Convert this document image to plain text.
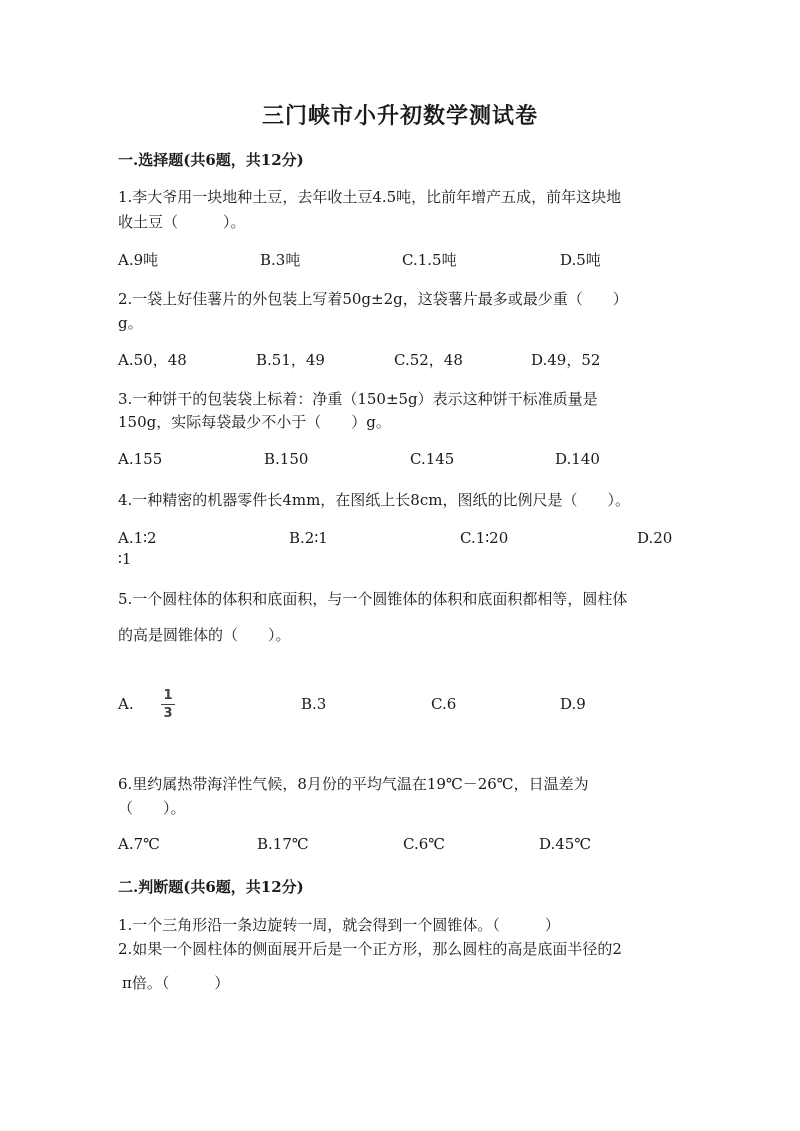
三门峡市小升初数学测试卷
一.选择题(共6题，共12分)
1.李大爷用一块地种土豆，去年收土豆4.5吨，比前年增产五成，前年这块地
收土豆（　　　）。
A.9吨	B.3吨	C.1.5吨	D.5吨
2.一袋上好佳薯片的外包装上写着50g±2g，这袋薯片最多或最少重（　　）
g。
A.50，48	B.51，49	C.52，48	D.49，52
3.一种饼干的包装袋上标着：净重（150±5g）表示这种饼干标准质量是
150g，实际每袋最少不小于（　　）g。
A.155	B.150	C.145	D.140
4.一种精密的机器零件长4mm，在图纸上长8cm，图纸的比例尺是（　　）。
A.1∶2	B.2∶1	C.1∶20	D.20
∶1
5.一个圆柱体的体积和底面积，与一个圆锥体的体积和底面积都相等，圆柱体
的高是圆锥体的（　　）。
A. 1
3
B.3	C.6	D.9
6.里约属热带海洋性气候，8月份的平均气温在19℃－26℃，日温差为
（　　）。
A.7℃	B.17℃	C.6℃	D.45℃
二.判断题(共6题，共12分)
1.一个三角形沿一条边旋转一周，就会得到一个圆锥体。（　　　）
2.如果一个圆柱体的侧面展开后是一个正方形，那么圆柱的高是底面半径的2
π倍。（　　　）
